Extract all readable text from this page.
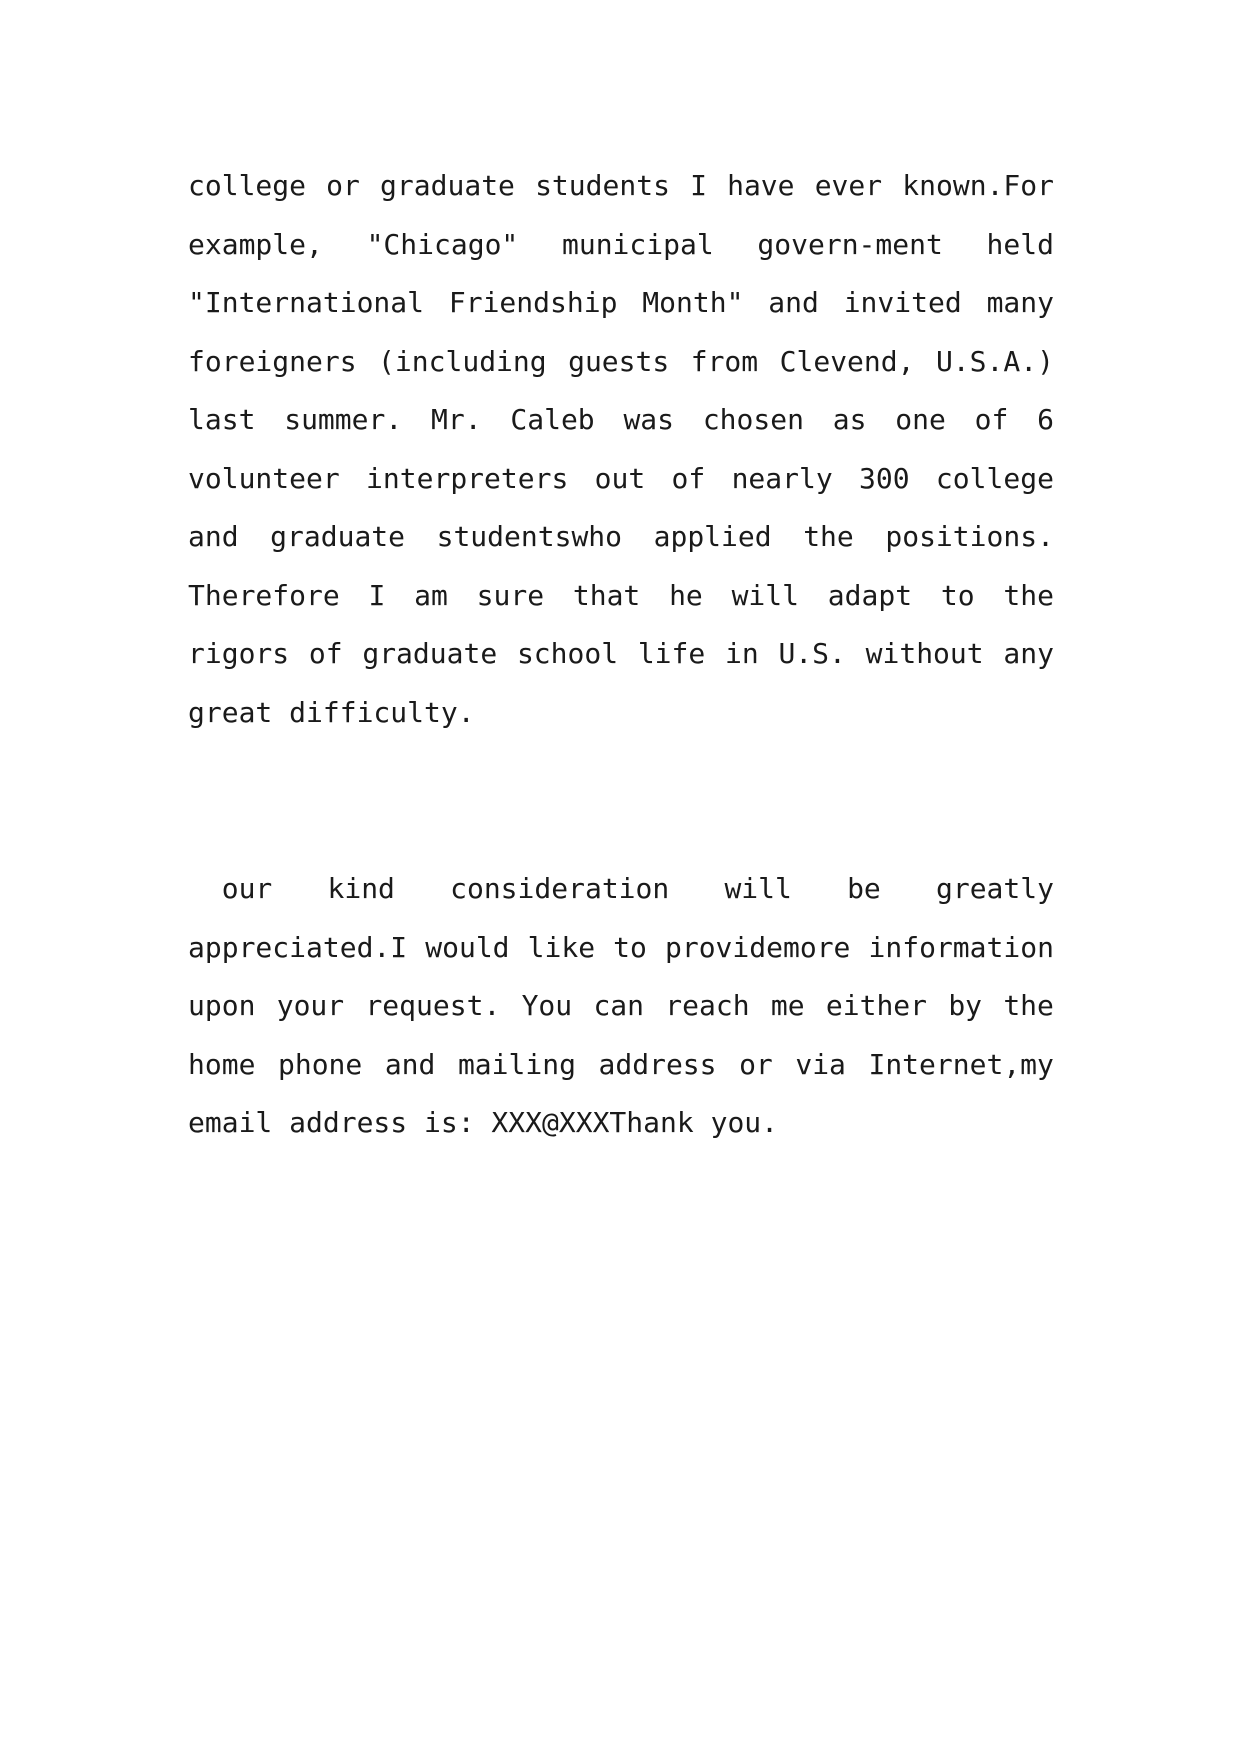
college or graduate students I have ever known.For
example, "Chicago" municipal govern-ment held
"International Friendship Month" and invited many
foreigners (including guests from Clevend, U.S.A.)
last summer. Mr. Caleb was chosen as one of 6
volunteer interpreters out of nearly 300 college
and graduate studentswho applied the positions.
Therefore I am sure that he will adapt to the
rigors of graduate school life in U.S. without any
great difficulty.
our kind consideration will be greatly
appreciated.I would like to providemore information
upon your request. You can reach me either by the
home phone and mailing address or via Internet,my
email address is: XXX@XXXThank you.
